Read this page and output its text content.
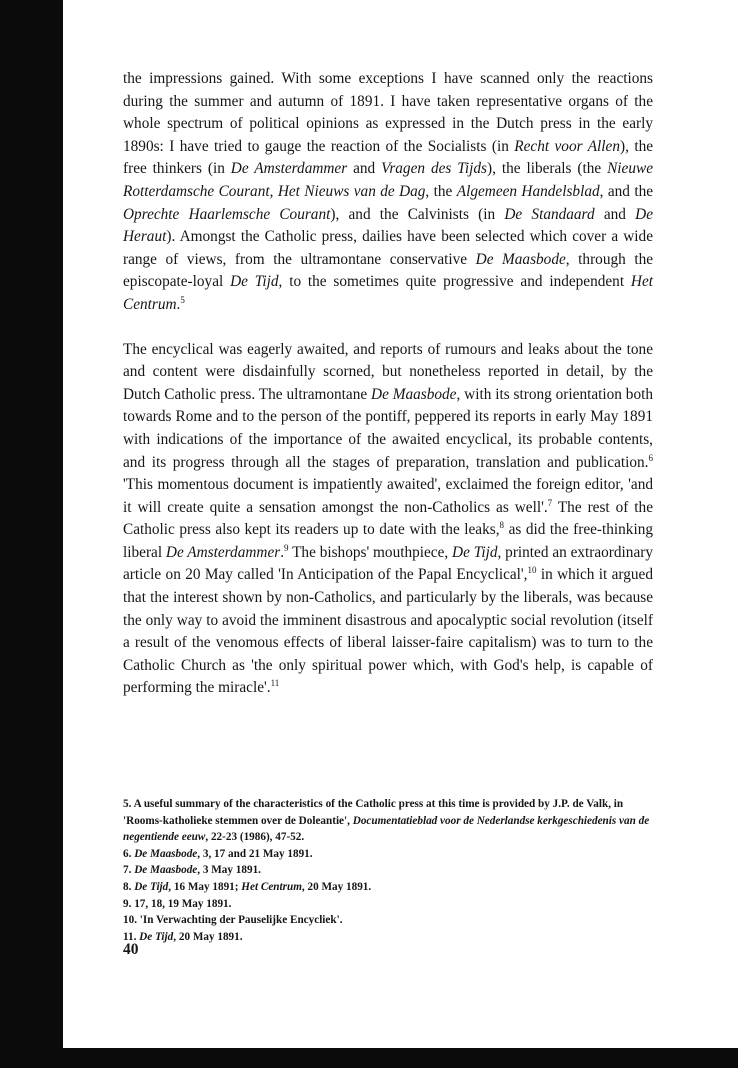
the impressions gained. With some exceptions I have scanned only the reactions during the summer and autumn of 1891. I have taken representative organs of the whole spectrum of political opinions as expressed in the Dutch press in the early 1890s: I have tried to gauge the reaction of the Socialists (in Recht voor Allen), the free thinkers (in De Amsterdammer and Vragen des Tijds), the liberals (the Nieuwe Rotterdamsche Courant, Het Nieuws van de Dag, the Algemeen Handelsblad, and the Oprechte Haarlemsche Courant), and the Calvinists (in De Standaard and De Heraut). Amongst the Catholic press, dailies have been selected which cover a wide range of views, from the ultramontane conservative De Maasbode, through the episcopate-loyal De Tijd, to the sometimes quite progressive and independent Het Centrum.$^5$

The encyclical was eagerly awaited, and reports of rumours and leaks about the tone and content were disdainfully scorned, but nonetheless reported in detail, by the Dutch Catholic press. The ultramontane De Maasbode, with its strong orientation both towards Rome and to the person of the pontiff, peppered its reports in early May 1891 with indications of the importance of the awaited encyclical, its probable contents, and its progress through all the stages of preparation, translation and publication.$^6$ 'This momentous document is impatiently awaited', exclaimed the foreign editor, 'and it will create quite a sensation amongst the non-Catholics as well'.$^7$ The rest of the Catholic press also kept its readers up to date with the leaks,$^8$ as did the free-thinking liberal De Amsterdammer.$^9$ The bishops' mouthpiece, De Tijd, printed an extraordinary article on 20 May called 'In Anticipation of the Papal Encyclical',$^{10}$ in which it argued that the interest shown by non-Catholics, and particularly by the liberals, was because the only way to avoid the imminent disastrous and apocalyptic social revolution (itself a result of the venomous effects of liberal laisser-faire capitalism) was to turn to the Catholic Church as 'the only spiritual power which, with God's help, is capable of performing the miracle'.$^{11}$

5. A useful summary of the characteristics of the Catholic press at this time is provided by J.P. de Valk, in 'Rooms-katholieke stemmen over de Doleantie', Documentatieblad voor de Nederlandse kerkgeschiedenis van de negentiende eeuw, 22-23 (1986), 47-52.

6. De Maasbode, 3, 17 and 21 May 1891.

7. De Maasbode, 3 May 1891.

8. De Tijd, 16 May 1891; Het Centrum, 20 May 1891.

9. 17, 18, 19 May 1891.

10. 'In Verwachting der Pauselijke Encycliek'.

11. De Tijd, 20 May 1891.

40
